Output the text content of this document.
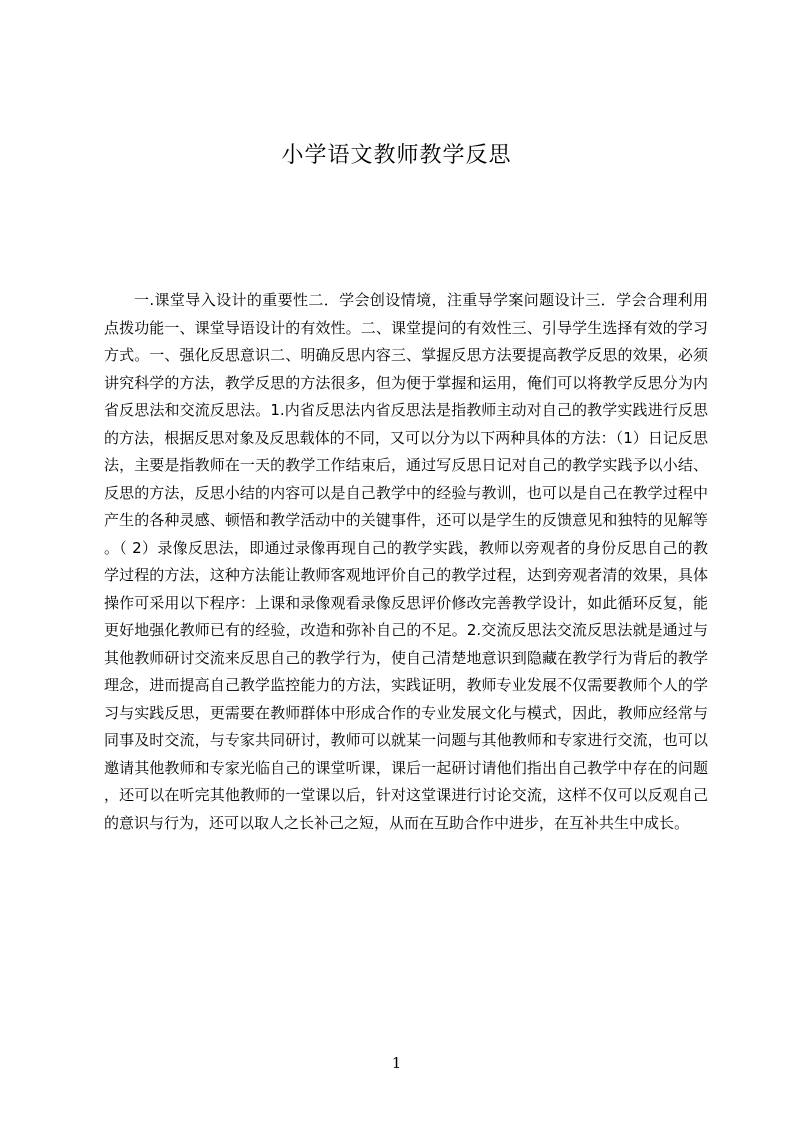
小学语文教师教学反思

一.课堂导入设计的重要性二．学会创设情境，注重导学案问题设计三．学会合理利用点拨功能一、课堂导语设计的有效性。二、课堂提问的有效性三、引导学生选择有效的学习方式。一、强化反思意识二、明确反思内容三、掌握反思方法要提高教学反思的效果，必须讲究科学的方法，教学反思的方法很多，但为便于掌握和运用，俺们可以将教学反思分为内省反思法和交流反思法。1.内省反思法内省反思法是指教师主动对自己的教学实践进行反思的方法，根据反思对象及反思载体的不同，又可以分为以下两种具体的方法：（1）日记反思法，主要是指教师在一天的教学工作结束后，通过写反思日记对自己的教学实践予以小结、反思的方法，反思小结的内容可以是自己教学中的经验与教训，也可以是自己在教学过程中产生的各种灵感、顿悟和教学活动中的关键事件，还可以是学生的反馈意见和独特的见解等。（ 2）录像反思法，即通过录像再现自己的教学实践，教师以旁观者的身份反思自己的教学过程的方法，这种方法能让教师客观地评价自己的教学过程，达到旁观者清的效果，具体操作可采用以下程序：上课和录像观看录像反思评价修改完善教学设计，如此循环反复，能更好地强化教师已有的经验，改造和弥补自己的不足。2.交流反思法交流反思法就是通过与其他教师研讨交流来反思自己的教学行为，使自己清楚地意识到隐藏在教学行为背后的教学理念，进而提高自己教学监控能力的方法，实践证明，教师专业发展不仅需要教师个人的学习与实践反思，更需要在教师群体中形成合作的专业发展文化与模式，因此，教师应经常与同事及时交流，与专家共同研讨，教师可以就某一问题与其他教师和专家进行交流，也可以邀请其他教师和专家光临自己的课堂听课，课后一起研讨请他们指出自己教学中存在的问题，还可以在听完其他教师的一堂课以后，针对这堂课进行讨论交流，这样不仅可以反观自己的意识与行为，还可以取人之长补己之短，从而在互助合作中进步，在互补共生中成长。

1
